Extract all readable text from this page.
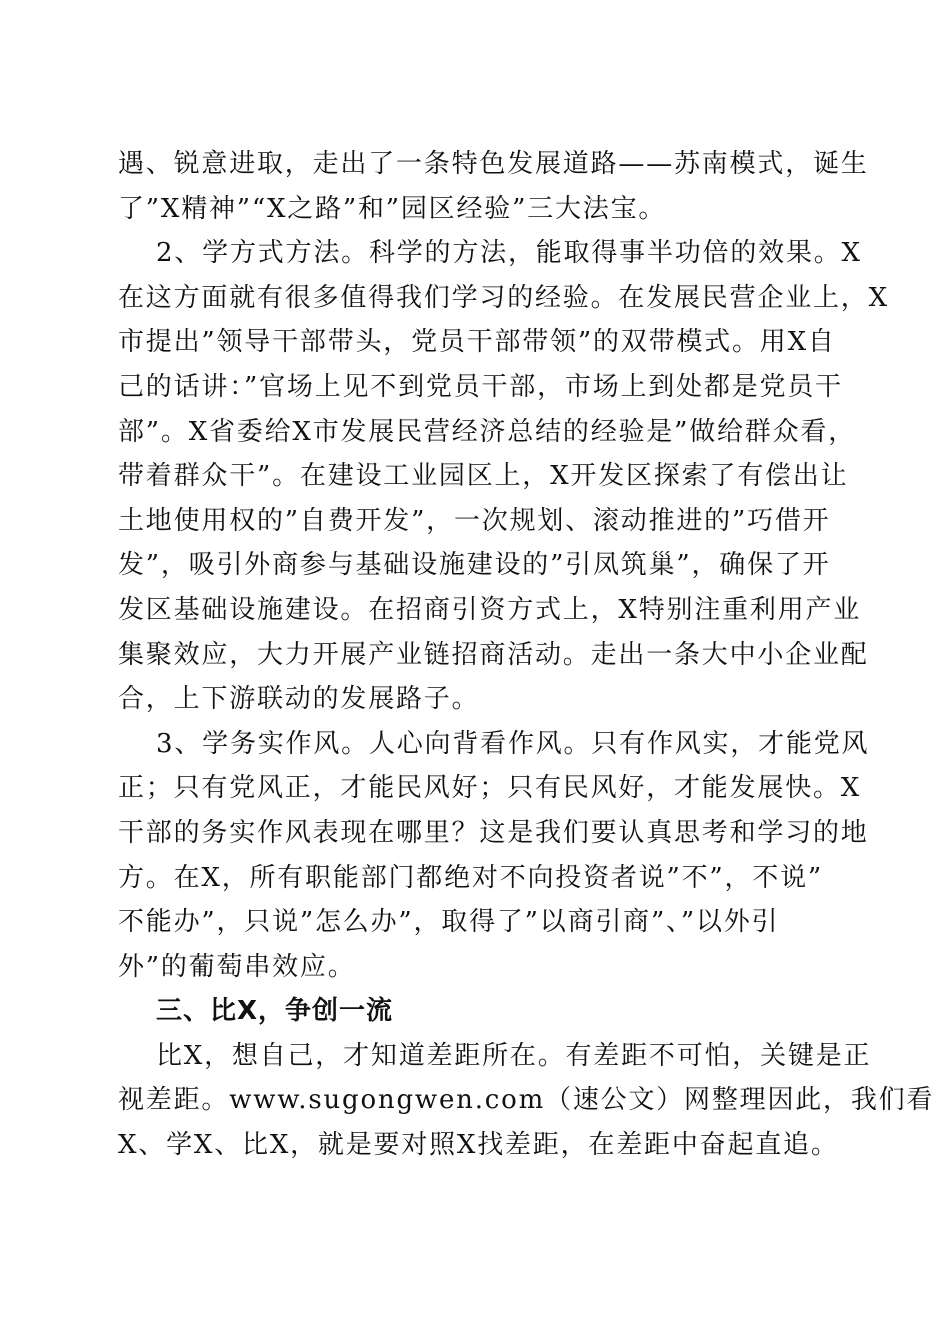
遇、锐意进取，走出了一条特色发展道路——苏南模式，诞生
了”X精神”“X之路”和”园区经验”三大法宝。
2、学方式方法。科学的方法，能取得事半功倍的效果。X
在这方面就有很多值得我们学习的经验。在发展民营企业上，X
市提出”领导干部带头，党员干部带领”的双带模式。用X自
己的话讲：”官场上见不到党员干部，市场上到处都是党员干
部”。X省委给X市发展民营经济总结的经验是”做给群众看，
带着群众干”。在建设工业园区上，X开发区探索了有偿出让
土地使用权的”自费开发”，一次规划、滚动推进的”巧借开
发”，吸引外商参与基础设施建设的”引凤筑巢”，确保了开
发区基础设施建设。在招商引资方式上，X特别注重利用产业
集聚效应，大力开展产业链招商活动。走出一条大中小企业配
合，上下游联动的发展路子。
3、学务实作风。人心向背看作风。只有作风实，才能党风
正；只有党风正，才能民风好；只有民风好，才能发展快。X
干部的务实作风表现在哪里？这是我们要认真思考和学习的地
方。在X，所有职能部门都绝对不向投资者说”不”，不说”
不能办”，只说”怎么办”，取得了”以商引商”、”以外引
外”的葡萄串效应。
三、比X，争创一流
比X，想自己，才知道差距所在。有差距不可怕，关键是正
视差距。www.sugongwen.com（速公文）网整理因此，我们看
X、学X、比X，就是要对照X找差距，在差距中奋起直追。
